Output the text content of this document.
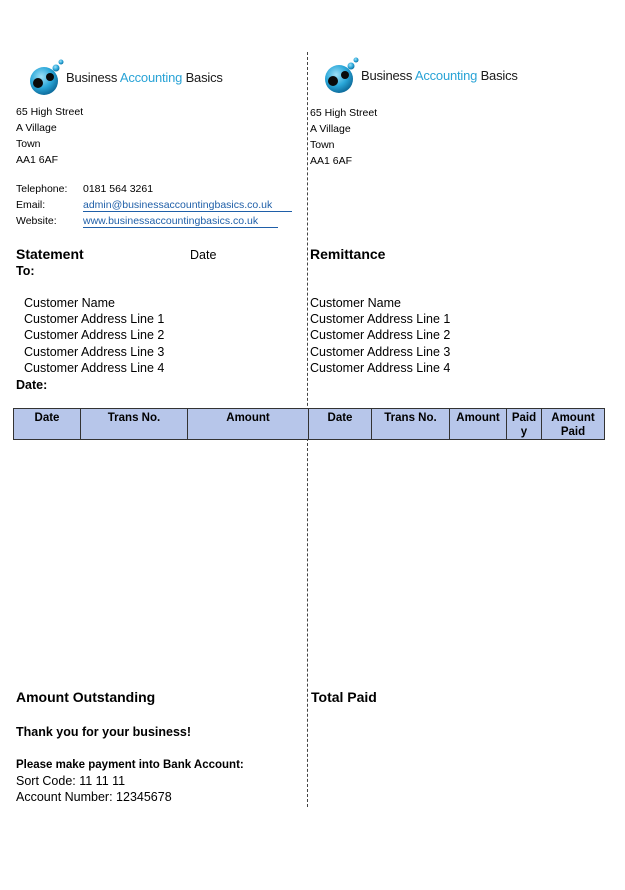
Business Accounting Basics	Business Accounting Basics
65 High Street
A Village
Town
AA1 6AF
65 High Street
A Village
Town
AA1 6AF
Telephone: 0181 564 3261
Email:	admin@businessaccountingbasics.co.uk
Website:	www.businessaccountingbasics.co.uk
Statement	Date
To:
Remittance
Customer Name
Customer Address Line 1
Customer Address Line 2
Customer Address Line 3
Customer Address Line 4
Customer Name
Customer Address Line 1
Customer Address Line 2
Customer Address Line 3
Customer Address Line 4
Date:
Date	Trans No.	Amount	Date	Trans No.	Amount	Paid y	Amount Paid
Amount Outstanding	Total Paid
Thank you for your business!
Please make payment into Bank Account:
Sort Code: 11 11 11
Account Number: 12345678
